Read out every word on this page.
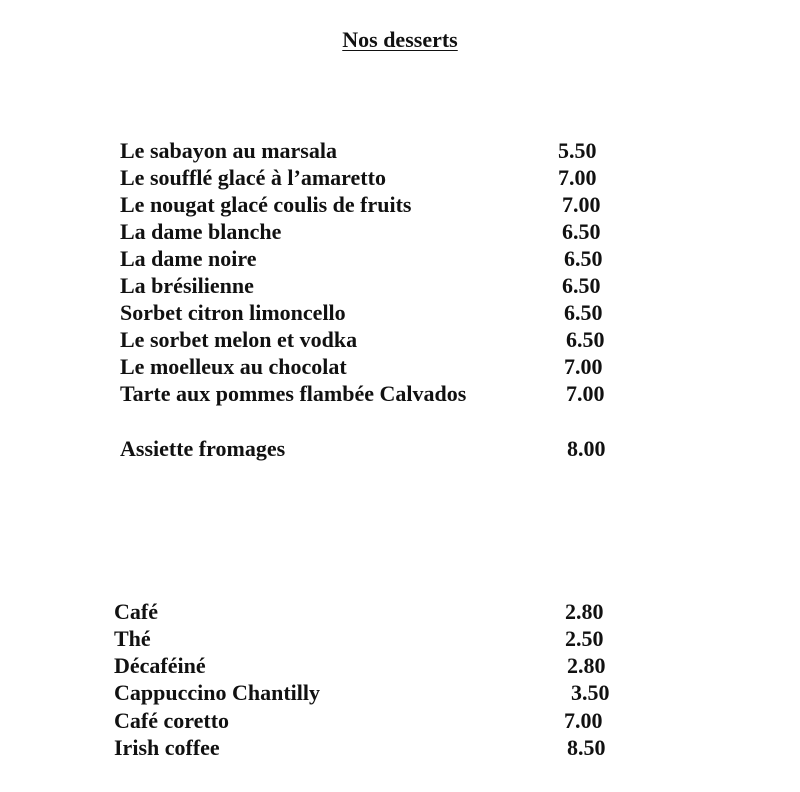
Nos desserts
Le sabayon au marsala	5.50
Le soufflé glacé à l’amaretto	7.00
Le nougat glacé coulis de fruits	7.00
La dame blanche	6.50
La dame noire	6.50
La brésilienne	6.50
Sorbet citron limoncello	6.50
Le sorbet melon et vodka	6.50
Le moelleux au chocolat	7.00
Tarte aux pommes flambée Calvados	7.00
Assiette fromages	8.00
Café	2.80
Thé	2.50
Décaféiné	2.80
Cappuccino Chantilly	3.50
Café coretto	7.00
Irish coffee	8.50
